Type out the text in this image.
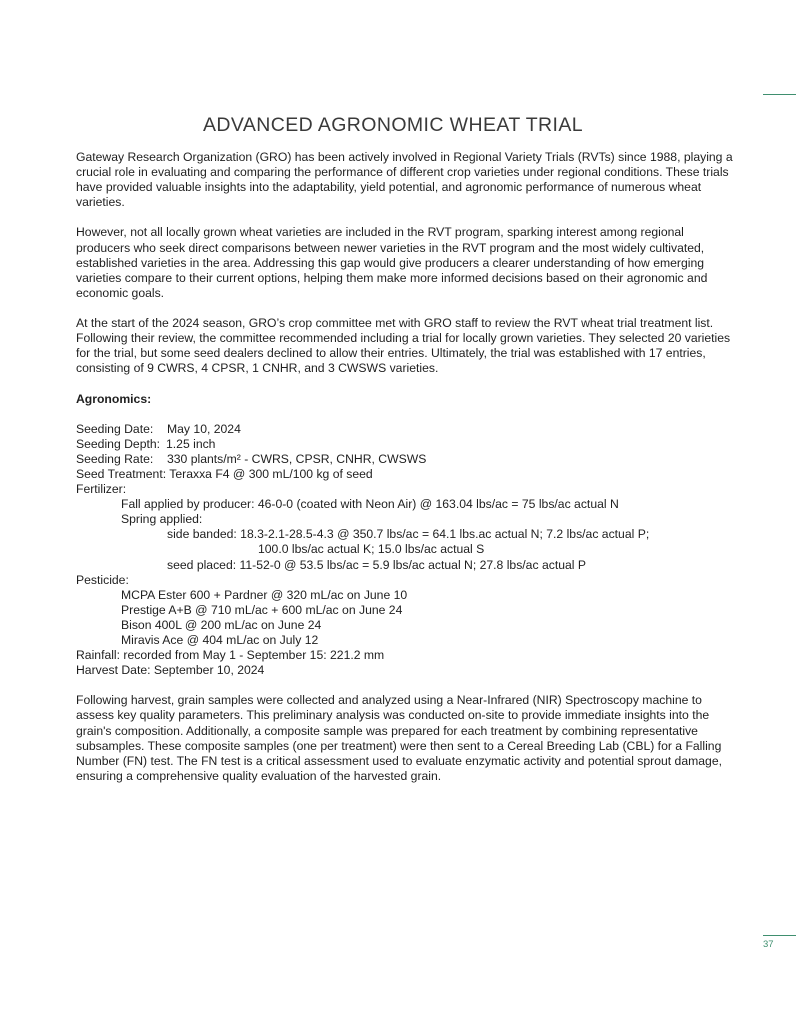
ADVANCED AGRONOMIC WHEAT TRIAL

Gateway Research Organization (GRO) has been actively involved in Regional Variety Trials (RVTs) since 1988, playing a crucial role in evaluating and comparing the performance of different crop varieties under regional conditions. These trials have provided valuable insights into the adaptability, yield potential, and agronomic performance of numerous wheat varieties.

However, not all locally grown wheat varieties are included in the RVT program, sparking interest among regional producers who seek direct comparisons between newer varieties in the RVT program and the most widely cultivated, established varieties in the area. Addressing this gap would give producers a clearer understanding of how emerging varieties compare to their current options, helping them make more informed decisions based on their agronomic and economic goals.

At the start of the 2024 season, GRO’s crop committee met with GRO staff to review the RVT wheat trial treatment list. Following their review, the committee recommended including a trial for locally grown varieties. They selected 20 varieties for the trial, but some seed dealers declined to allow their entries. Ultimately, the trial was established with 17 entries, consisting of 9 CWRS, 4 CPSR, 1 CNHR, and 3 CWSWS varieties.

Agronomics:
Seeding Date: May 10, 2024
Seeding Depth: 1.25 inch
Seeding Rate: 330 plants/m² - CWRS, CPSR, CNHR, CWSWS
Seed Treatment: Teraxxa F4 @ 300 mL/100 kg of seed
Fertilizer:
Fall applied by producer: 46-0-0 (coated with Neon Air) @ 163.04 lbs/ac = 75 lbs/ac actual N
Spring applied:
side banded: 18.3-2.1-28.5-4.3 @ 350.7 lbs/ac = 64.1 lbs.ac actual N; 7.2 lbs/ac actual P;
100.0 lbs/ac actual K; 15.0 lbs/ac actual S
seed placed: 11-52-0 @ 53.5 lbs/ac = 5.9 lbs/ac actual N; 27.8 lbs/ac actual P
Pesticide:
MCPA Ester 600 + Pardner @ 320 mL/ac on June 10
Prestige A+B @ 710 mL/ac + 600 mL/ac on June 24
Bison 400L @ 200 mL/ac on June 24
Miravis Ace @ 404 mL/ac on July 12
Rainfall: recorded from May 1 - September 15: 221.2 mm
Harvest Date: September 10, 2024

Following harvest, grain samples were collected and analyzed using a Near-Infrared (NIR) Spectroscopy machine to assess key quality parameters. This preliminary analysis was conducted on-site to provide immediate insights into the grain's composition. Additionally, a composite sample was prepared for each treatment by combining representative subsamples. These composite samples (one per treatment) were then sent to a Cereal Breeding Lab (CBL) for a Falling Number (FN) test. The FN test is a critical assessment used to evaluate enzymatic activity and potential sprout damage, ensuring a comprehensive quality evaluation of the harvested grain.

37
